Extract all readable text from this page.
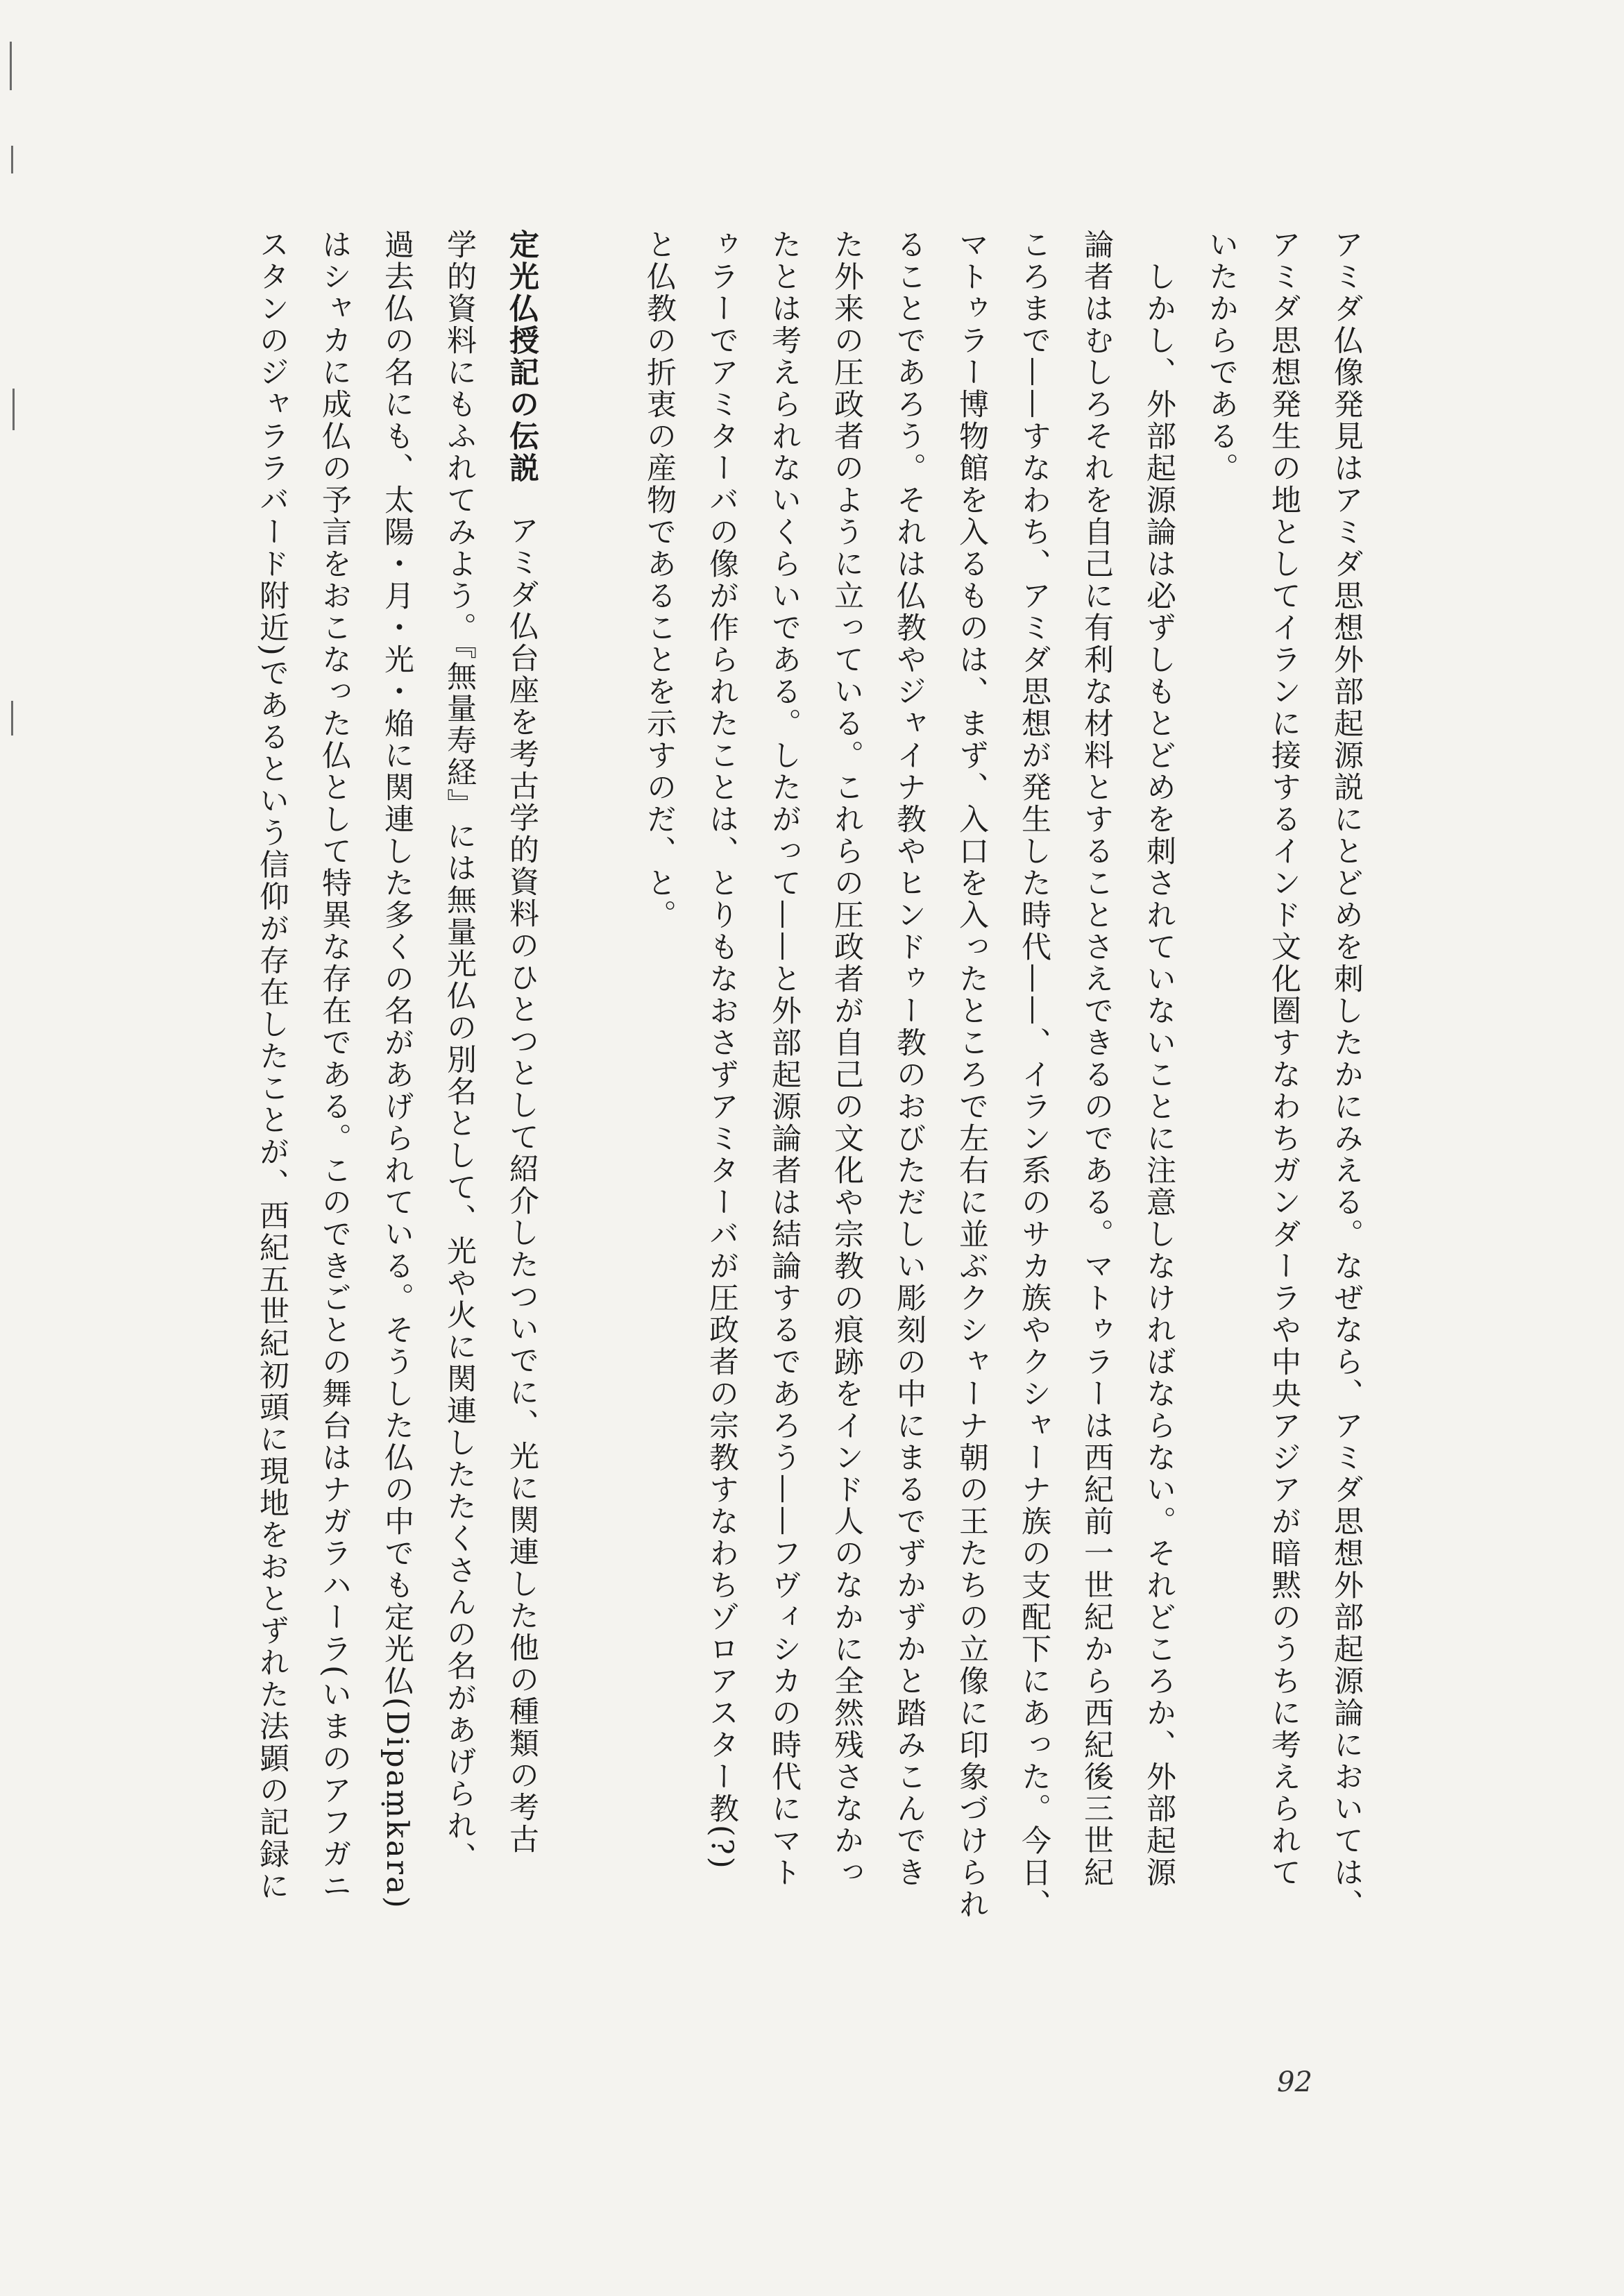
アミダ仏像発見はアミダ思想外部起源説にとどめを刺したかにみえる。なぜなら、アミダ思想外部起源論においては、
アミダ思想発生の地としてイランに接するインド文化圏すなわちガンダーラや中央アジアが暗黙のうちに考えられて
いたからである。
　しかし、外部起源論は必ずしもとどめを刺されていないことに注意しなければならない。それどころか、外部起源
論者はむしろそれを自己に有利な材料とすることさえできるのである。マトゥラーは西紀前一世紀から西紀後三世紀
ころまで——すなわち、アミダ思想が発生した時代——、イラン系のサカ族やクシャーナ族の支配下にあった。今日、
マトゥラー博物館を入るものは、まず、入口を入ったところで左右に並ぶクシャーナ朝の王たちの立像に印象づけられ
ることであろう。それは仏教やジャイナ教やヒンドゥー教のおびただしい彫刻の中にまるでずかずかと踏みこんでき
た外来の圧政者のように立っている。これらの圧政者が自己の文化や宗教の痕跡をインド人のなかに全然残さなかっ
たとは考えられないくらいである。したがって——と外部起源論者は結論するであろう——フヴィシカの時代にマト
ゥラーでアミターバの像が作られたことは、とりもなおさずアミターバが圧政者の宗教すなわちゾロアスター教(?)
と仏教の折衷の産物であることを示すのだ、と。
定光仏授記の伝説アミダ仏台座を考古学的資料のひとつとして紹介したついでに、光に関連した他の種類の考古
学的資料にもふれてみよう。『無量寿経』には無量光仏の別名として、光や火に関連したたくさんの名があげられ、
過去仏の名にも、太陽・月・光・焔に関連した多くの名があげられている。そうした仏の中でも定光仏(Dipaṃkara)
はシャカに成仏の予言をおこなった仏として特異な存在である。このできごとの舞台はナガラハーラ(いまのアフガニ
スタンのジャララバード附近)であるという信仰が存在したことが、西紀五世紀初頭に現地をおとずれた法顕の記録に
92
